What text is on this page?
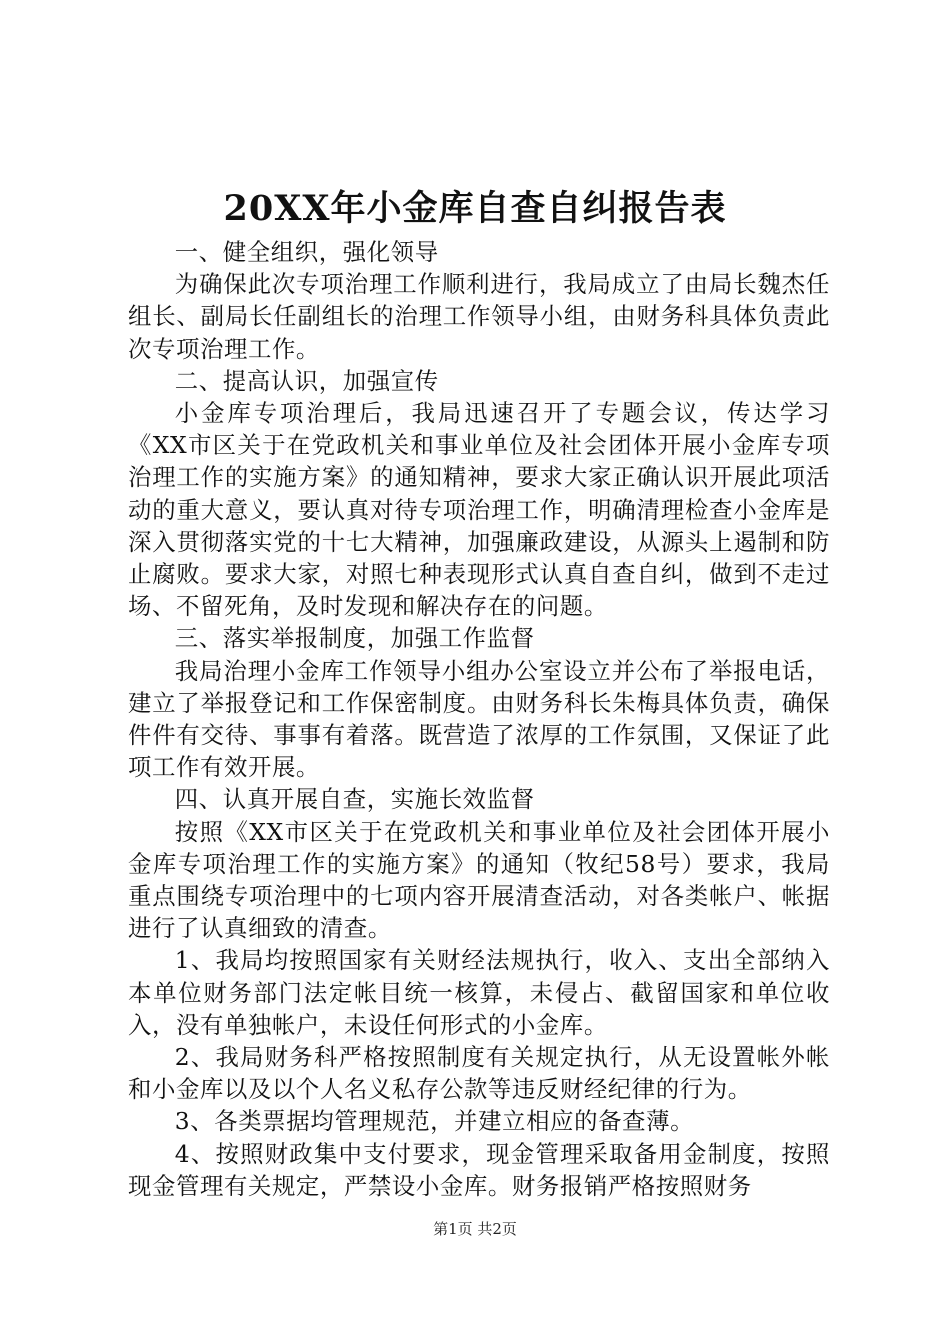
20XX年小金库自查自纠报告表

一、健全组织，强化领导

为确保此次专项治理工作顺利进行，我局成立了由局长魏杰任组长、副局长任副组长的治理工作领导小组，由财务科具体负责此次专项治理工作。

二、提高认识，加强宣传

小金库专项治理后，我局迅速召开了专题会议，传达学习《XX市区关于在党政机关和事业单位及社会团体开展小金库专项治理工作的实施方案》的通知精神，要求大家正确认识开展此项活动的重大意义，要认真对待专项治理工作，明确清理检查小金库是深入贯彻落实党的十七大精神，加强廉政建设，从源头上遏制和防止腐败。要求大家，对照七种表现形式认真自查自纠，做到不走过场、不留死角，及时发现和解决存在的问题。

三、落实举报制度，加强工作监督

我局治理小金库工作领导小组办公室设立并公布了举报电话，建立了举报登记和工作保密制度。由财务科长朱梅具体负责，确保件件有交待、事事有着落。既营造了浓厚的工作氛围，又保证了此项工作有效开展。

四、认真开展自查，实施长效监督

按照《XX市区关于在党政机关和事业单位及社会团体开展小金库专项治理工作的实施方案》的通知（牧纪58号）要求，我局重点围绕专项治理中的七项内容开展清查活动，对各类帐户、帐据进行了认真细致的清查。

1、我局均按照国家有关财经法规执行，收入、支出全部纳入本单位财务部门法定帐目统一核算，未侵占、截留国家和单位收入，没有单独帐户，未设任何形式的小金库。

2、我局财务科严格按照制度有关规定执行，从无设置帐外帐和小金库以及以个人名义私存公款等违反财经纪律的行为。

3、各类票据均管理规范，并建立相应的备查薄。

4、按照财政集中支付要求，现金管理采取备用金制度，按照现金管理有关规定，严禁设小金库。财务报销严格按照财务

第1页 共2页
